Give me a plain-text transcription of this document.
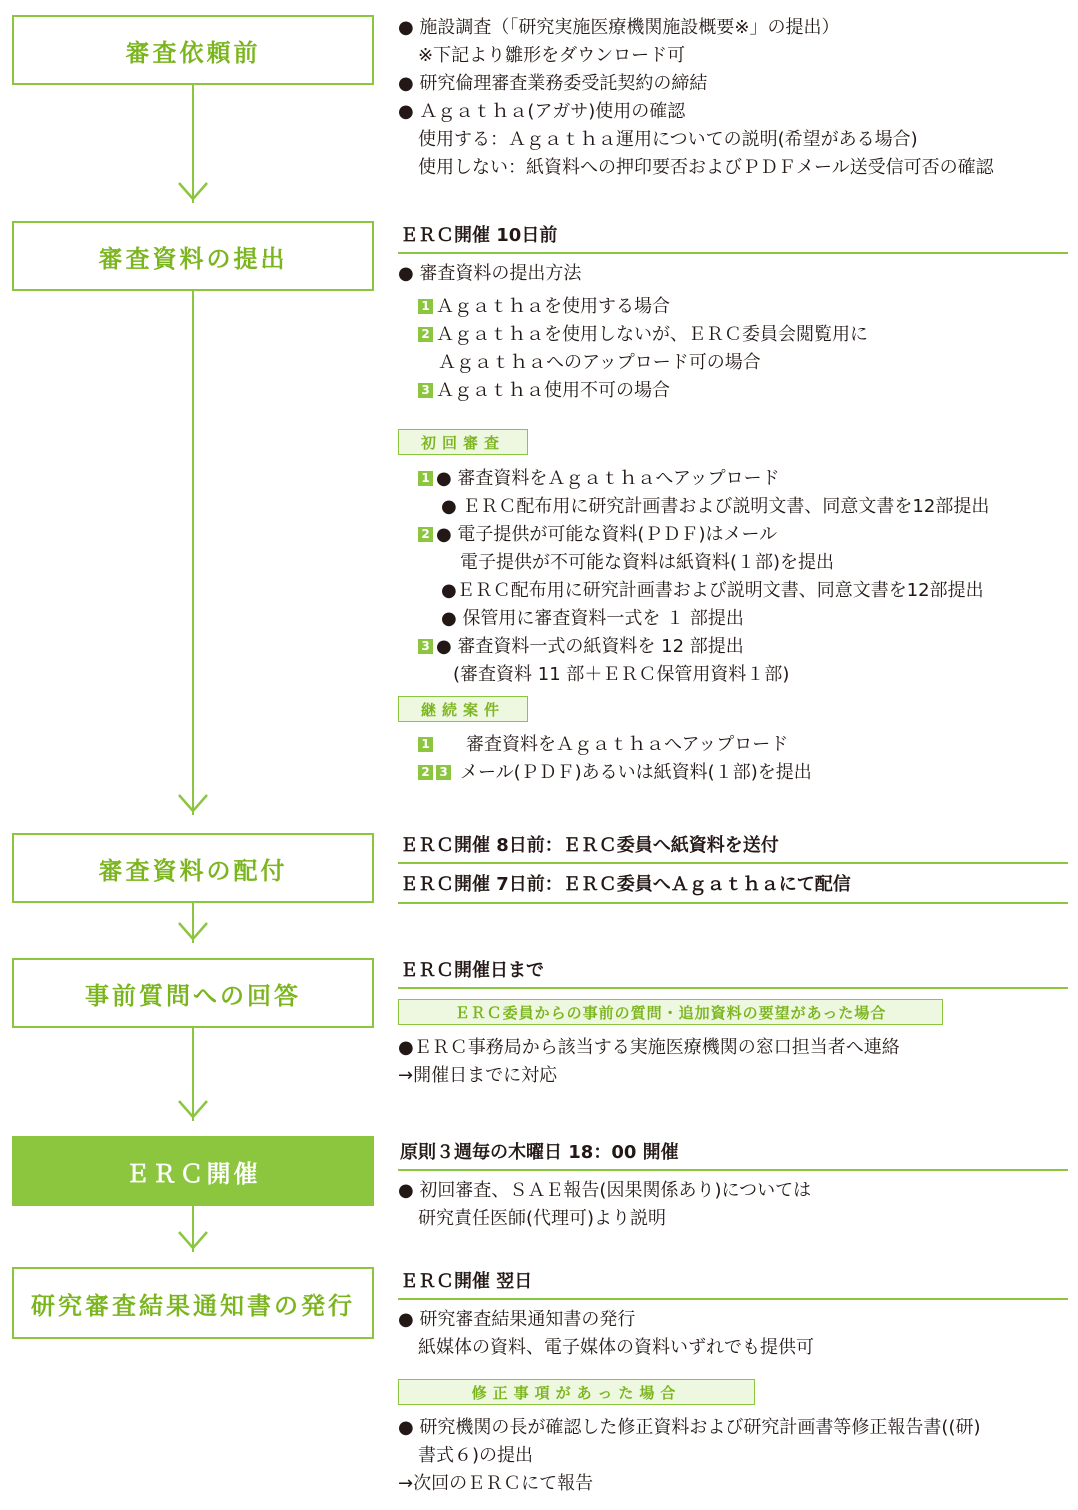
審査依頼前
審査資料の提出
審査資料の配付
事前質問への回答
ＥＲＣ開催
研究審査結果通知書の発行
● 施設調査（「研究実施医療機関施設概要※」の提出）
※下記より雛形をダウンロード可
● 研究倫理審査業務委受託契約の締結
● Ａｇａｔｈａ(アガサ)使用の確認
使用する：Ａｇａｔｈａ運用についての説明(希望がある場合)
使用しない：紙資料への押印要否およびＰＤＦメール送受信可否の確認
ＥＲＣ開催 10日前
● 審査資料の提出方法
1 Ａｇａｔｈａを使用する場合
2 Ａｇａｔｈａを使用しないが、ＥＲＣ委員会閲覧用に
Ａｇａｔｈａへのアップロード可の場合
3 Ａｇａｔｈａ使用不可の場合
初回審査
1 ● 審査資料をＡｇａｔｈａへアップロード
● ＥＲＣ配布用に研究計画書および説明文書、同意文書を12部提出
2 ● 電子提供が可能な資料(ＰＤＦ)はメール
電子提供が不可能な資料は紙資料(１部)を提出
●ＥＲＣ配布用に研究計画書および説明文書、同意文書を12部提出
● 保管用に審査資料一式を １ 部提出
3 ● 審査資料一式の紙資料を 12 部提出
(審査資料 11 部＋ＥＲＣ保管用資料１部)
継続案件
1 審査資料をＡｇａｔｈａへアップロード
2 3 メール(ＰＤＦ)あるいは紙資料(１部)を提出
ＥＲＣ開催 8日前：ＥＲＣ委員へ紙資料を送付
ＥＲＣ開催 7日前：ＥＲＣ委員へＡｇａｔｈａにて配信
ＥＲＣ開催日まで
ＥＲＣ委員からの事前の質問・追加資料の要望があった場合
●ＥＲＣ事務局から該当する実施医療機関の窓口担当者へ連絡
→開催日までに対応
原則３週毎の木曜日 18：00 開催
● 初回審査、ＳＡＥ報告(因果関係あり)については
研究責任医師(代理可)より説明
ＥＲＣ開催 翌日
● 研究審査結果通知書の発行
紙媒体の資料、電子媒体の資料いずれでも提供可
修正事項があった場合
● 研究機関の長が確認した修正資料および研究計画書等修正報告書((研)
書式６)の提出
→次回のＥＲＣにて報告
